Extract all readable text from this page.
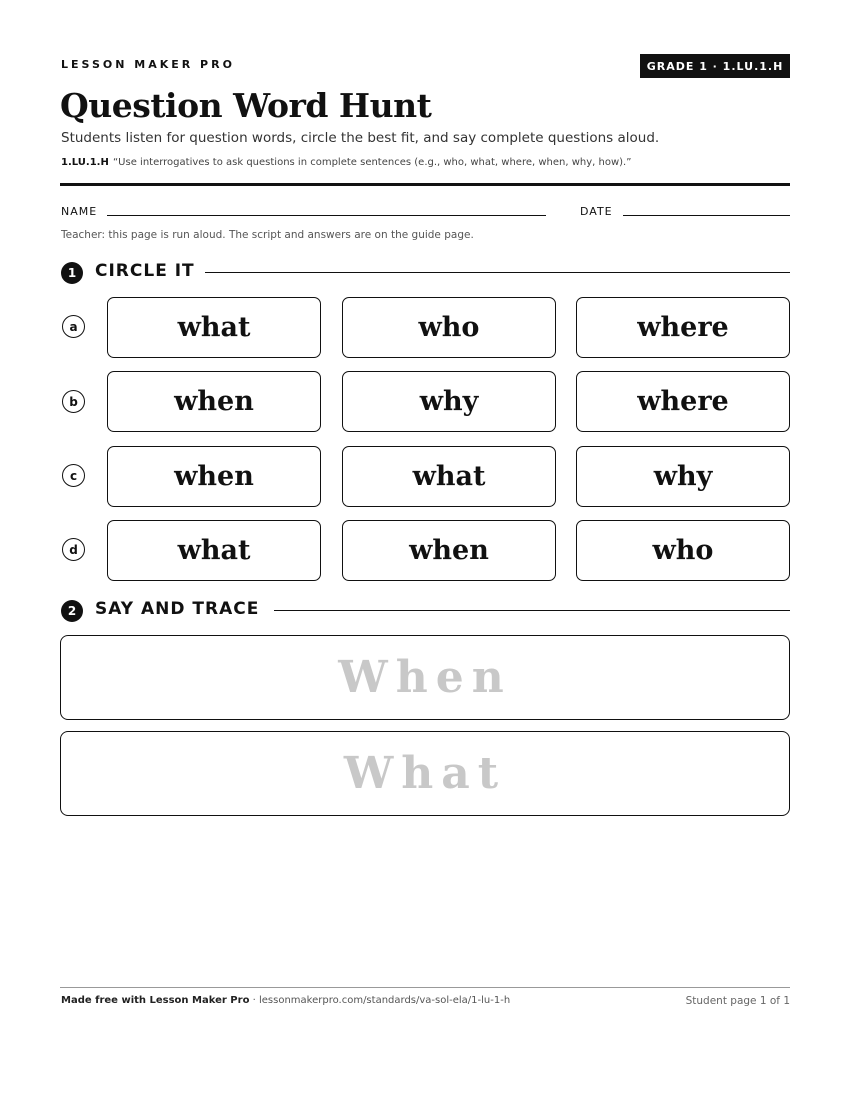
LESSON MAKER PRO	GRADE 1 · 1.LU.1.H
Question Word Hunt
Students listen for question words, circle the best fit, and say complete questions aloud.
1.LU.1.H “Use interrogatives to ask questions in complete sentences (e.g., who, what, where, when, why, how).”
NAME	DATE
Teacher: this page is run aloud. The script and answers are on the guide page.
1	CIRCLE IT
a	what	who	where
b	when	why	where
c	when	what	why
d	what	when	who
2	SAY AND TRACE
When
What
Made free with Lesson Maker Pro · lessonmakerpro.com/standards/va-sol-ela/1-lu-1-h	Student page 1 of 1
